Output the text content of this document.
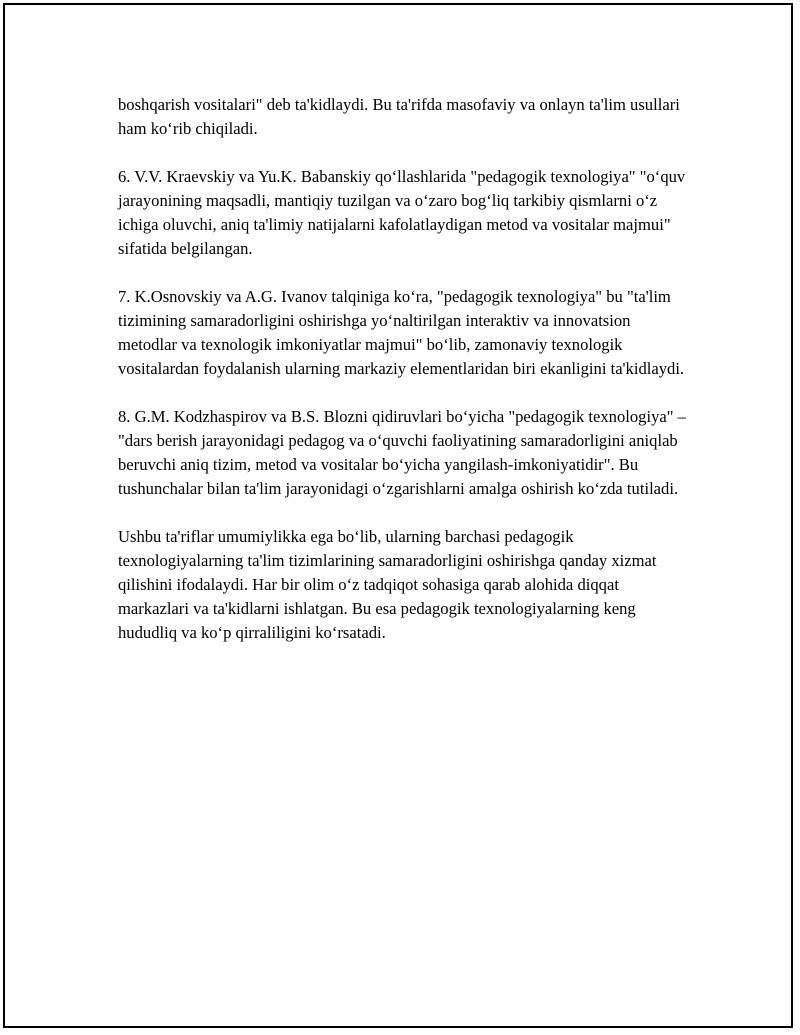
boshqarish vositalari" deb ta'kidlaydi. Bu ta'rifda masofaviy va onlayn ta'lim usullari ham ko‘rib chiqiladi.

6. V.V. Kraevskiy va Yu.K. Babanskiy qo‘llashlarida "pedagogik texnologiya" "o‘quv jarayonining maqsadli, mantiqiy tuzilgan va o‘zaro bog‘liq tarkibiy qismlarni o‘z ichiga oluvchi, aniq ta'limiy natijalarni kafolatlaydigan metod va vositalar majmui" sifatida belgilangan.

7. K.Osnovskiy va A.G. Ivanov talqiniga ko‘ra, "pedagogik texnologiya" bu "ta'lim tizimining samaradorligini oshirishga yo‘naltirilgan interaktiv va innovatsion metodlar va texnologik imkoniyatlar majmui" bo‘lib, zamonaviy texnologik vositalardan foydalanish ularning markaziy elementlaridan biri ekanligini ta'kidlaydi.

8. G.M. Kodzhaspirov va B.S. Blozni qidiruvlari bo‘yicha "pedagogik texnologiya" – "dars berish jarayonidagi pedagog va o‘quvchi faoliyatining samaradorligini aniqlab beruvchi aniq tizim, metod va vositalar bo‘yicha yangilash-imkoniyatidir". Bu tushunchalar bilan ta'lim jarayonidagi o‘zgarishlarni amalga oshirish ko‘zda tutiladi.

Ushbu ta'riflar umumiylikka ega bo‘lib, ularning barchasi pedagogik texnologiyalarning ta'lim tizimlarining samaradorligini oshirishga qanday xizmat qilishini ifodalaydi. Har bir olim o‘z tadqiqot sohasiga qarab alohida diqqat markazlari va ta'kidlarni ishlatgan. Bu esa pedagogik texnologiyalarning keng hududliq va ko‘p qirraliligini ko‘rsatadi.
